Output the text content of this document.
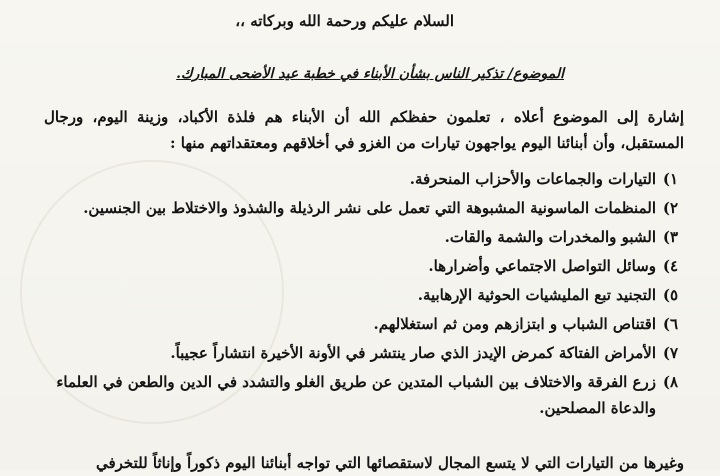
السلام عليكم ورحمة الله وبركاته ،،
الموضوع/ تذكير الناس بشأن الأبناء في خطبة عيد الأضحى المبارك.
إشارة إلى الموضوع أعلاه ، تعلمون حفظكم الله أن الأبناء هم فلذة الأكباد، وزينة اليوم، ورجال المستقبل، وأن أبنائنا اليوم يواجهون تيارات من الغزو في أخلاقهم ومعتقداتهم منها :
١)
التيارات والجماعات والأحزاب المنحرفة.
٢)
المنظمات الماسونية المشبوهة التي تعمل على نشر الرذيلة والشذوذ والاختلاط بين الجنسين.
٣)
الشبو والمخدرات والشمة والقات.
٤)
وسائل التواصل الاجتماعي وأضرارها.
٥)
التجنيد تبع المليشيات الحوثية الإرهابية.
٦)
اقتناص الشباب و ابتزازهم ومن ثم استغلالهم.
٧)
الأمراض الفتاكة كمرض الإيدز الذي صار ينتشر في الأونة الأخيرة انتشاراً عجيباً.
٨)
زرع الفرقة والاختلاف بين الشباب المتدين عن طريق الغلو والتشدد في الدين والطعن في العلماء والدعاة المصلحين.
وغيرها من التيارات التي لا يتسع المجال لاستقصائها التي تواجه أبنائنا اليوم ذكوراً وإناثاً للتخرفي
